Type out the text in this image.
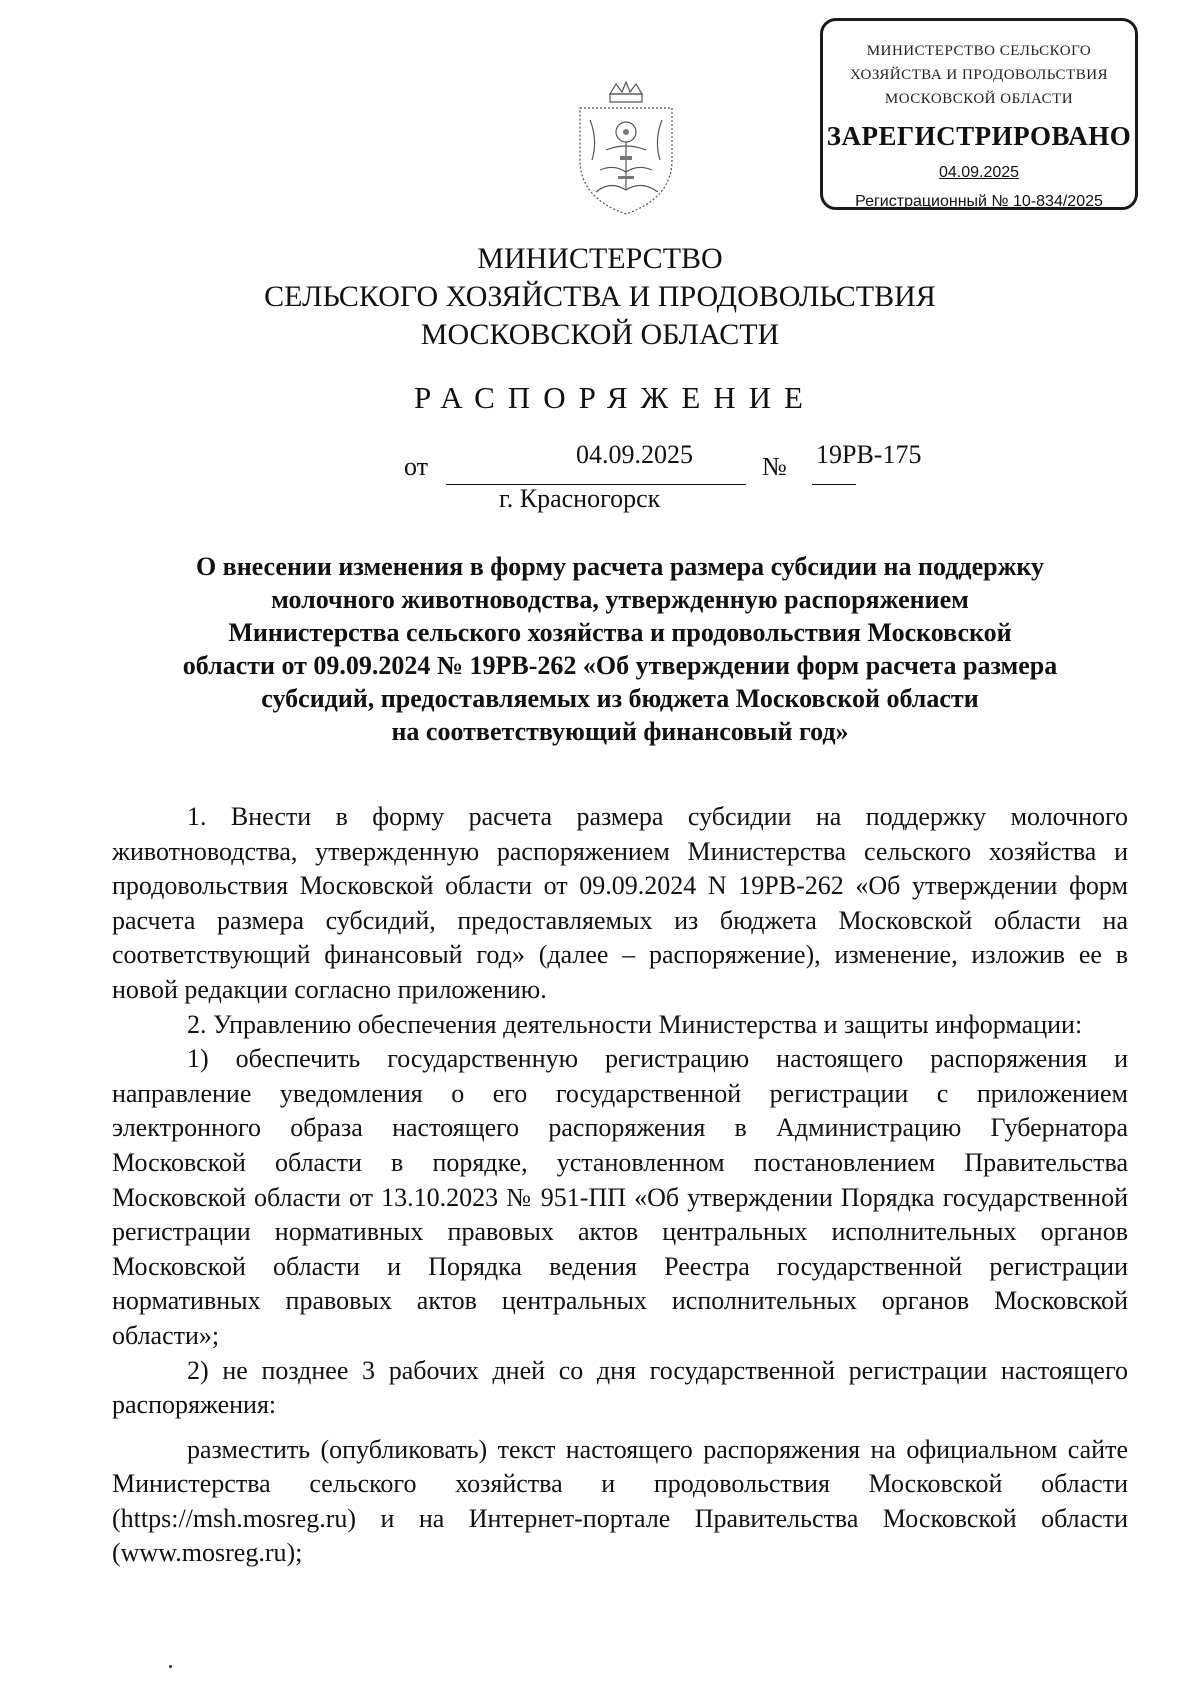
МИНИСТЕРСТВО СЕЛЬСКОГО
ХОЗЯЙСТВА И ПРОДОВОЛЬСТВИЯ
МОСКОВСКОЙ ОБЛАСТИ
ЗАРЕГИСТРИРОВАНО
04.09.2025
Регистрационный № 10-834/2025
МИНИСТЕРСТВО
СЕЛЬСКОГО ХОЗЯЙСТВА И ПРОДОВОЛЬСТВИЯ
МОСКОВСКОЙ ОБЛАСТИ
РАСПОРЯЖЕНИЕ
от	04.09.2025	№ 19РВ-175
г. Красногорск
О внесении изменения в форму расчета размера субсидии на поддержку
молочного животноводства, утвержденную распоряжением
Министерства сельского хозяйства и продовольствия Московской
области от 09.09.2024 № 19РВ-262 «Об утверждении форм расчета размера
субсидий, предоставляемых из бюджета Московской области
на соответствующий финансовый год»

1. Внести в форму расчета размера субсидии на поддержку молочного животноводства, утвержденную распоряжением Министерства сельского хозяйства и продовольствия Московской области от 09.09.2024 N 19РВ-262 «Об утверждении форм расчета размера субсидий, предоставляемых из бюджета Московской области на соответствующий финансовый год» (далее – распоряжение), изменение, изложив ее в новой редакции согласно приложению.

2. Управлению обеспечения деятельности Министерства и защиты информации:

1) обеспечить государственную регистрацию настоящего распоряжения и направление уведомления о его государственной регистрации с приложением электронного образа настоящего распоряжения в Администрацию Губернатора Московской области в порядке, установленном постановлением Правительства Московской области от 13.10.2023 № 951-ПП «Об утверждении Порядка государственной регистрации нормативных правовых актов центральных исполнительных органов Московской области и Порядка ведения Реестра государственной регистрации нормативных правовых актов центральных исполнительных органов Московской области»;

2) не позднее 3 рабочих дней со дня государственной регистрации настоящего распоряжения:

разместить (опубликовать) текст настоящего распоряжения на официальном сайте Министерства сельского хозяйства и продовольствия Московской области (https://msh.mosreg.ru) и на Интернет-портале Правительства Московской области (www.mosreg.ru);
